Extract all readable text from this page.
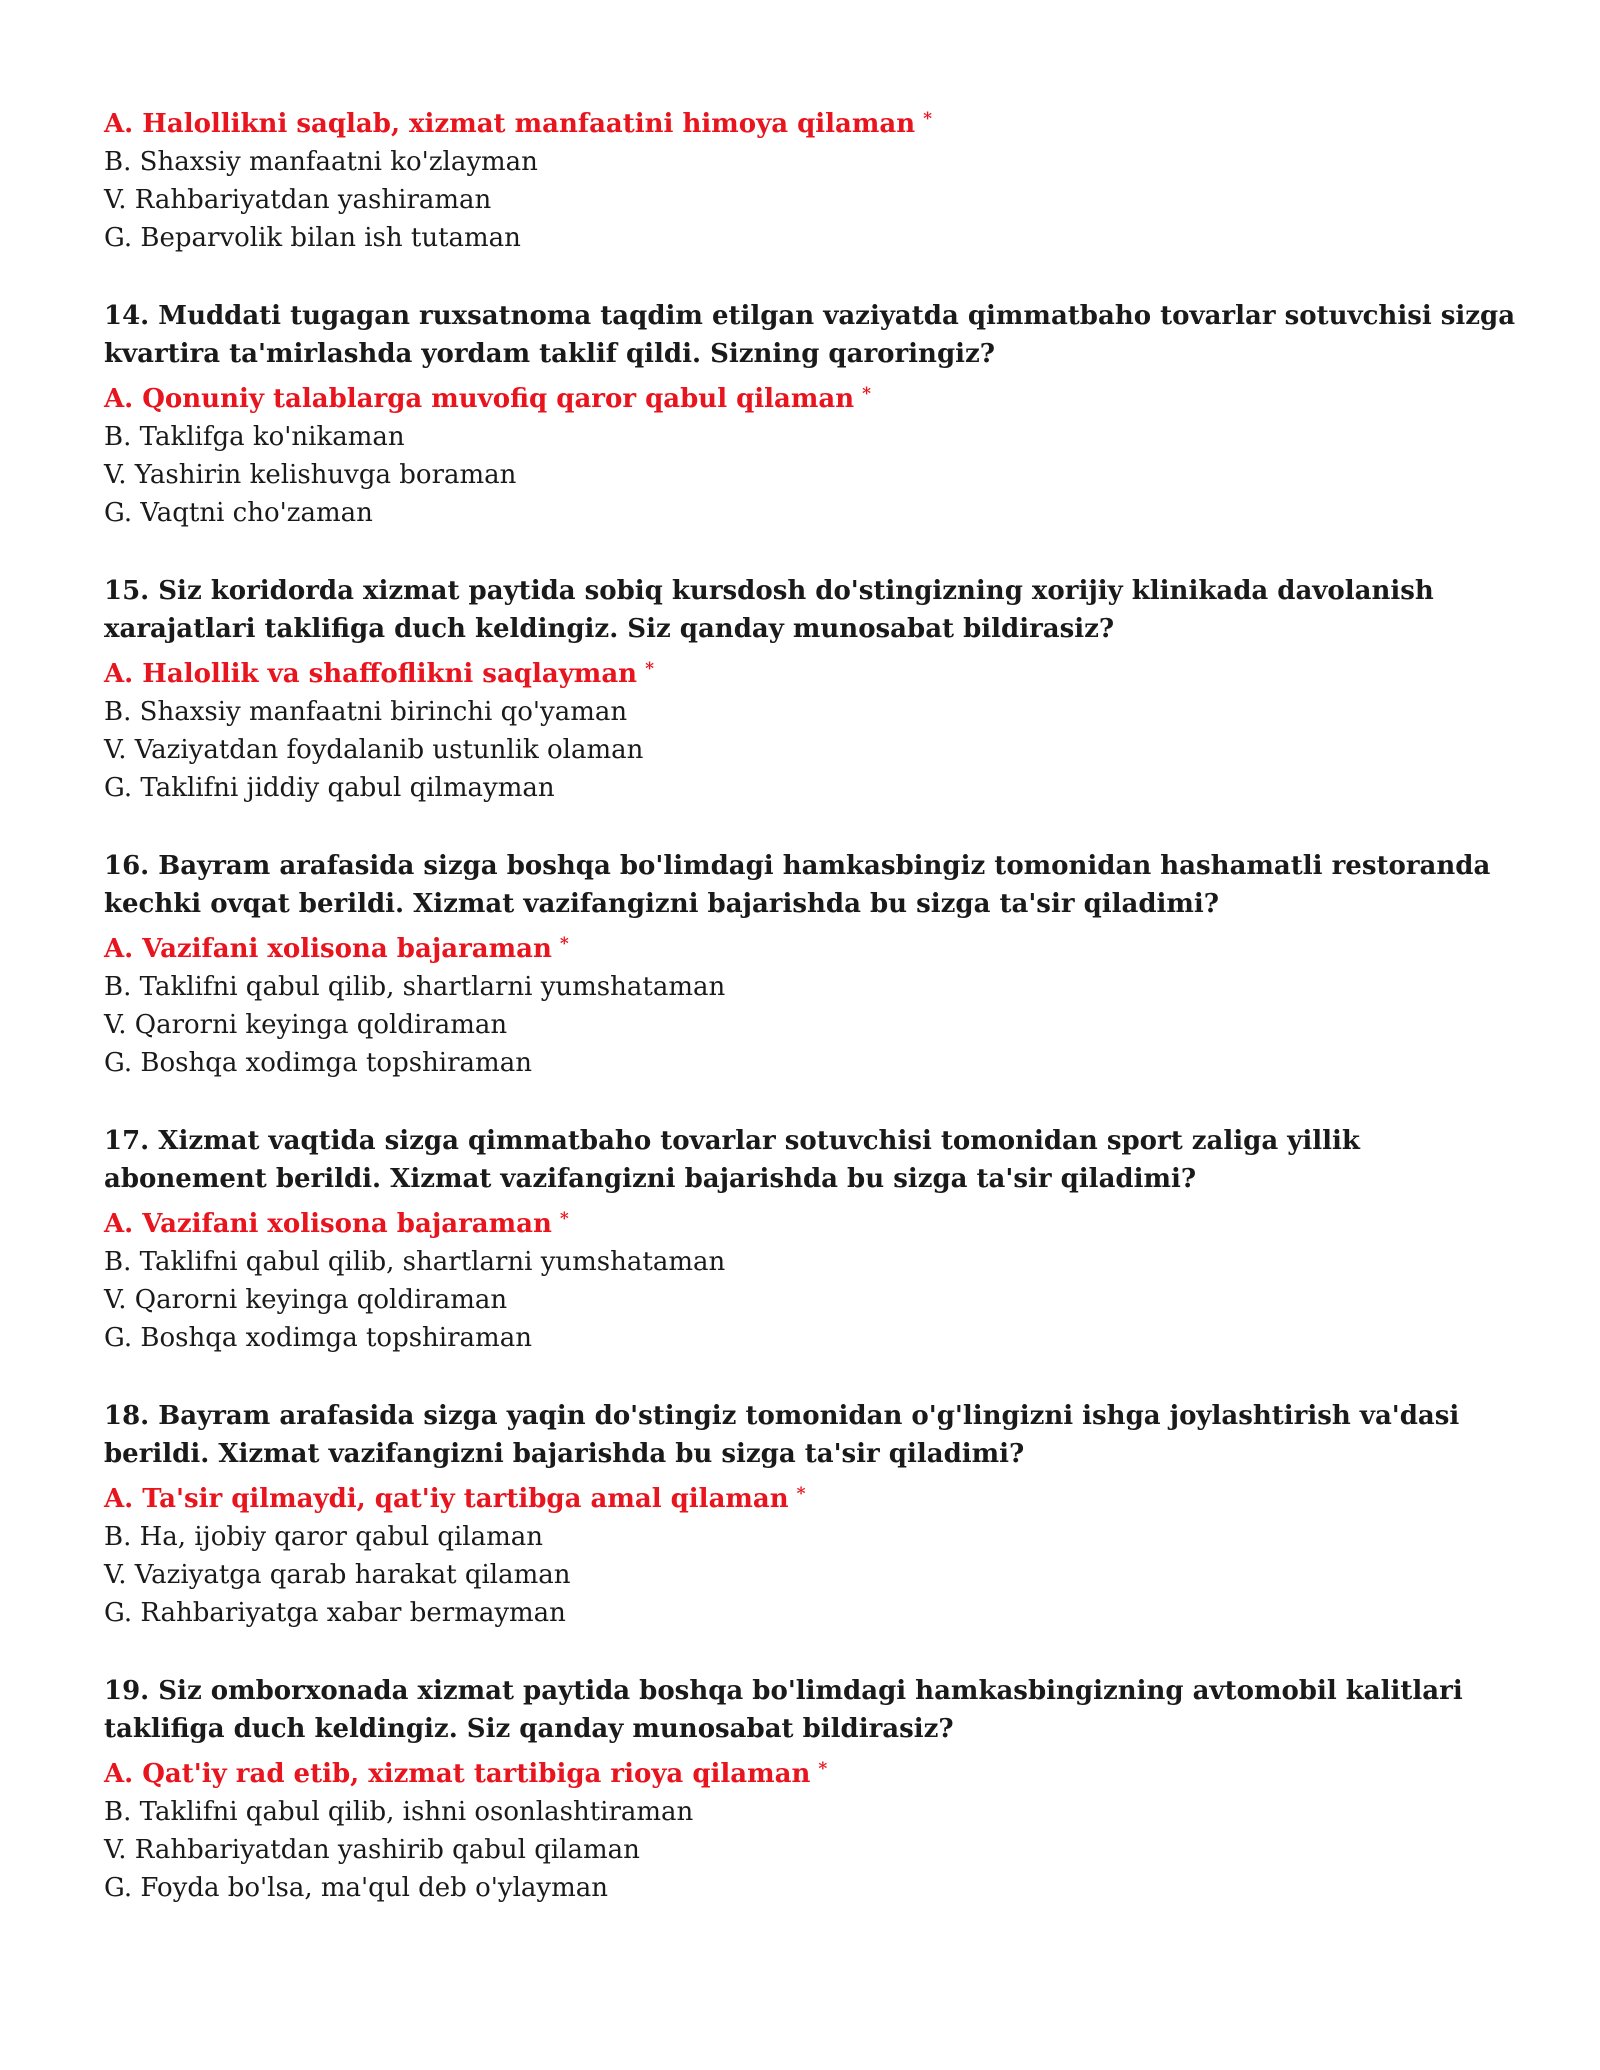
A. Halollikni saqlab, xizmat manfaatini himoya qilaman *
B. Shaxsiy manfaatni ko'zlayman
V. Rahbariyatdan yashiraman
G. Beparvolik bilan ish tutaman
14. Muddati tugagan ruxsatnoma taqdim etilgan vaziyatda qimmatbaho tovarlar sotuvchisi sizga kvartira ta'mirlashda yordam taklif qildi. Sizning qaroringiz?
A. Qonuniy talablarga muvofiq qaror qabul qilaman *
B. Taklifga ko'nikaman
V. Yashirin kelishuvga boraman
G. Vaqtni cho'zaman
15. Siz koridorda xizmat paytida sobiq kursdosh do'stingizning xorijiy klinikada davolanish xarajatlari taklifiga duch keldingiz. Siz qanday munosabat bildirasiz?
A. Halollik va shaffoflikni saqlayman *
B. Shaxsiy manfaatni birinchi qo'yaman
V. Vaziyatdan foydalanib ustunlik olaman
G. Taklifni jiddiy qabul qilmayman
16. Bayram arafasida sizga boshqa bo'limdagi hamkasbingiz tomonidan hashamatli restoranda kechki ovqat berildi. Xizmat vazifangizni bajarishda bu sizga ta'sir qiladimi?
A. Vazifani xolisona bajaraman *
B. Taklifni qabul qilib, shartlarni yumshataman
V. Qarorni keyinga qoldiraman
G. Boshqa xodimga topshiraman
17. Xizmat vaqtida sizga qimmatbaho tovarlar sotuvchisi tomonidan sport zaliga yillik abonement berildi. Xizmat vazifangizni bajarishda bu sizga ta'sir qiladimi?
A. Vazifani xolisona bajaraman *
B. Taklifni qabul qilib, shartlarni yumshataman
V. Qarorni keyinga qoldiraman
G. Boshqa xodimga topshiraman
18. Bayram arafasida sizga yaqin do'stingiz tomonidan o'g'lingizni ishga joylashtirish va'dasi berildi. Xizmat vazifangizni bajarishda bu sizga ta'sir qiladimi?
A. Ta'sir qilmaydi, qat'iy tartibga amal qilaman *
B. Ha, ijobiy qaror qabul qilaman
V. Vaziyatga qarab harakat qilaman
G. Rahbariyatga xabar bermayman
19. Siz omborxonada xizmat paytida boshqa bo'limdagi hamkasbingizning avtomobil kalitlari taklifiga duch keldingiz. Siz qanday munosabat bildirasiz?
A. Qat'iy rad etib, xizmat tartibiga rioya qilaman *
B. Taklifni qabul qilib, ishni osonlashtiraman
V. Rahbariyatdan yashirib qabul qilaman
G. Foyda bo'lsa, ma'qul deb o'ylayman
